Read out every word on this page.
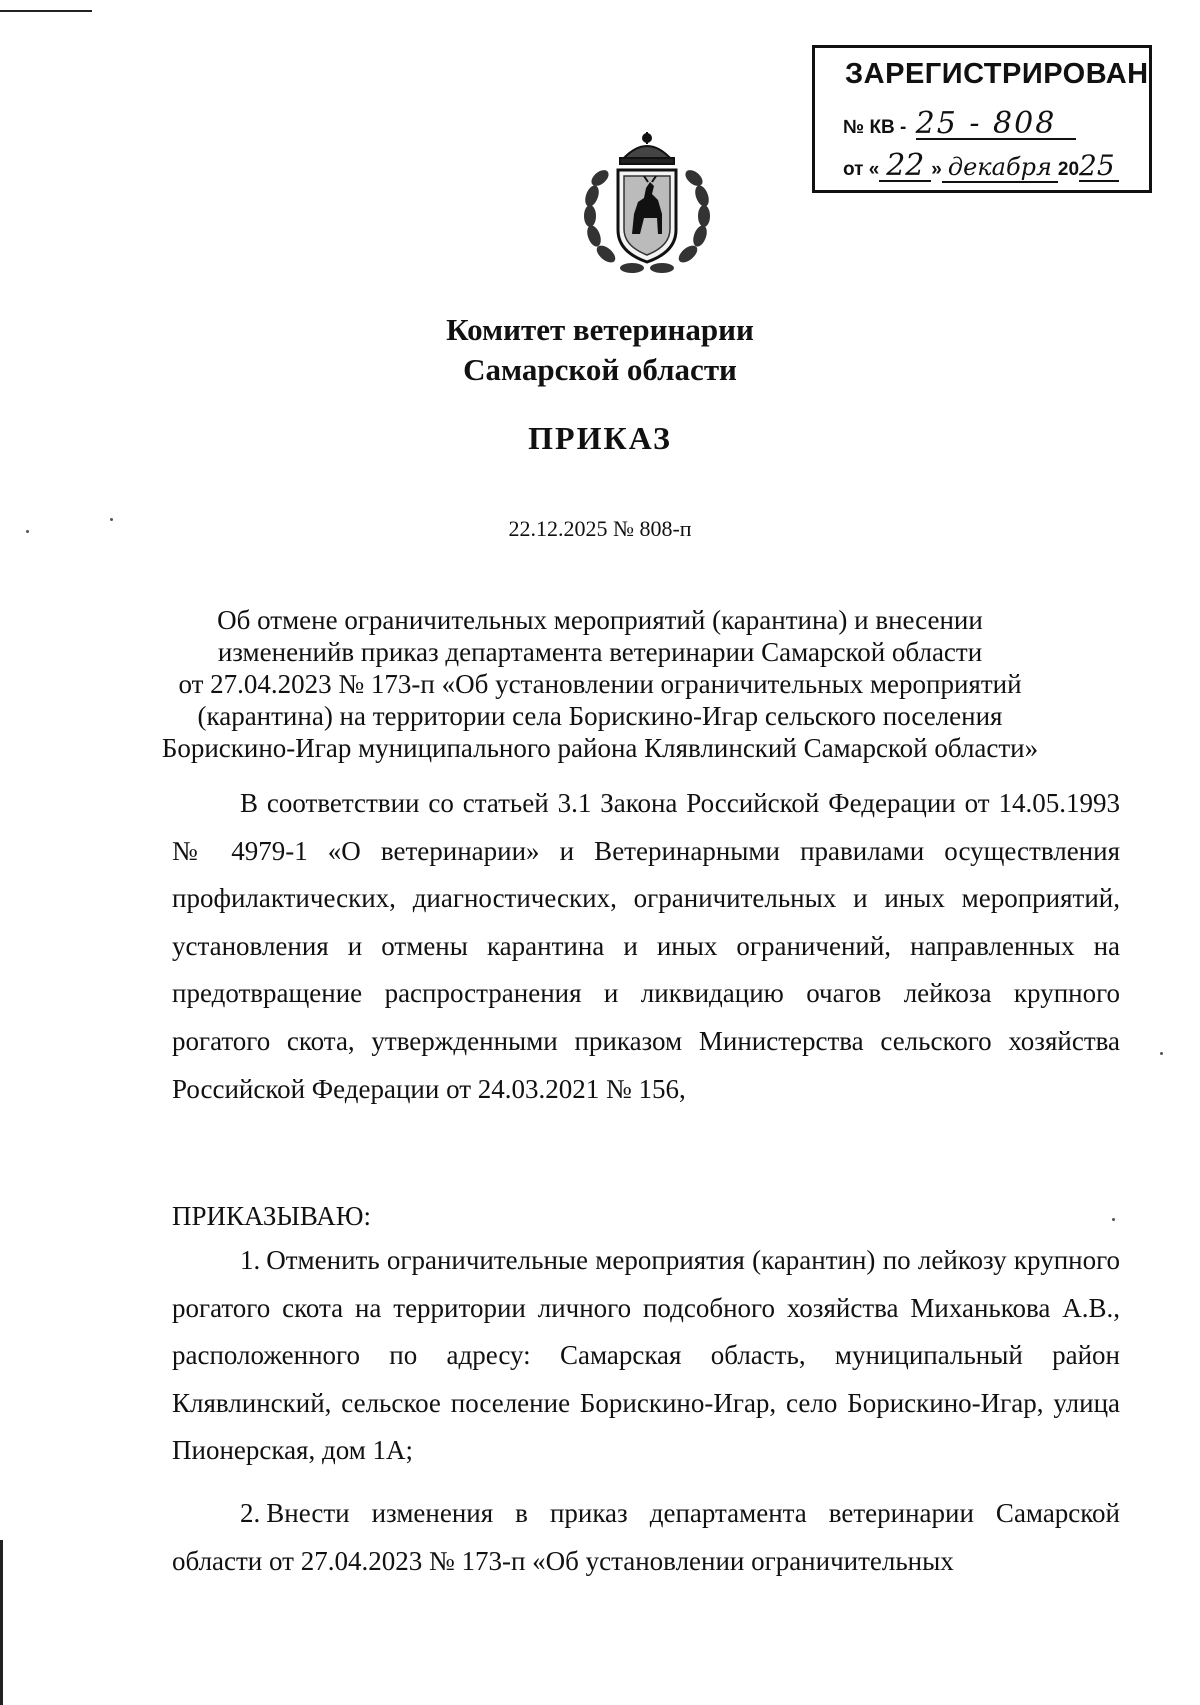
ЗАРЕГИСТРИРОВАН
№ КВ - 25 - 808
от « 22 » декабря 2025
Комитет ветеринарии
Самарской области
ПРИКАЗ
22.12.2025 № 808-п
Об отмене ограничительных мероприятий (карантина) и внесении
измененийв приказ департамента ветеринарии Самарской области
от 27.04.2023 № 173-п «Об установлении ограничительных мероприятий
(карантина) на территории села Борискино-Игар сельского поселения
Борискино-Игар муниципального района Клявлинский Самарской области»
В соответствии со статьей 3.1 Закона Российской Федерации от 14.05.1993 № 4979-1 «О ветеринарии» и Ветеринарными правилами осуществления профилактических, диагностических, ограничительных и иных мероприятий, установления и отмены карантина и иных ограничений, направленных на предотвращение распространения и ликвидацию очагов лейкоза крупного рогатого скота, утвержденными приказом Министерства сельского хозяйства Российской Федерации от 24.03.2021 № 156,
ПРИКАЗЫВАЮ:
1. Отменить ограничительные мероприятия (карантин) по лейкозу крупного рогатого скота на территории личного подсобного хозяйства Миханькова А.В., расположенного по адресу: Самарская область, муниципальный район Клявлинский, сельское поселение Борискино-Игар, село Борискино-Игар, улица Пионерская, дом 1А;
2. Внести изменения в приказ департамента ветеринарии Самарской области от 27.04.2023 № 173-п «Об установлении ограничительных
